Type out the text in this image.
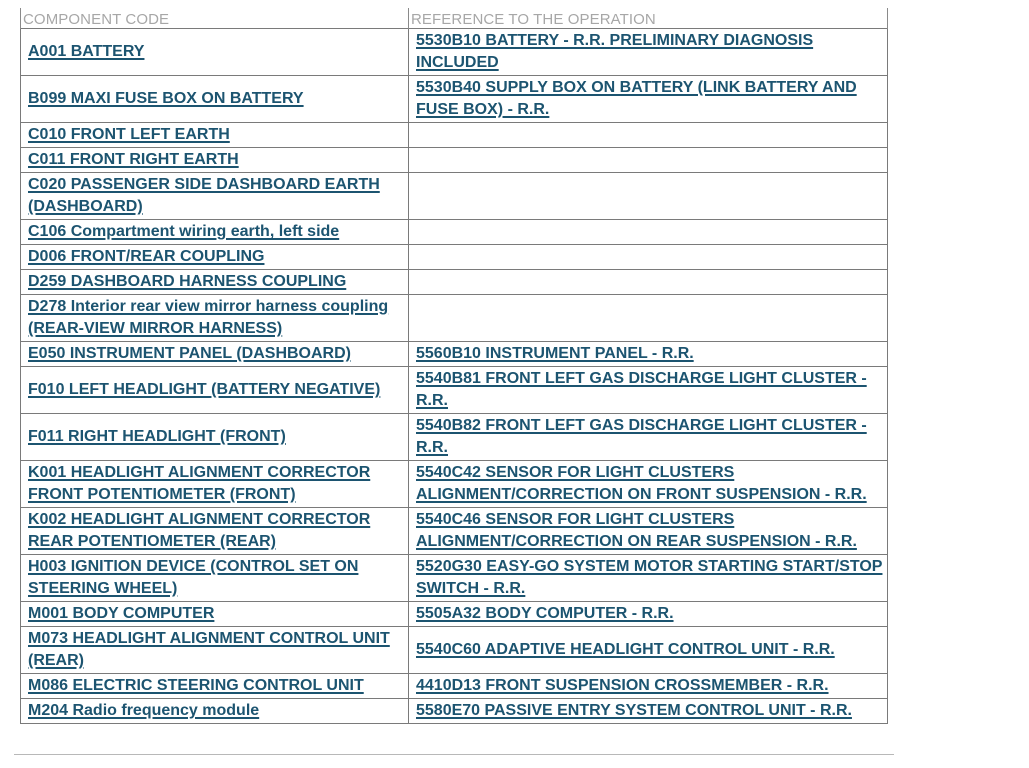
COMPONENT CODE	REFERENCE TO THE OPERATION
A001 BATTERY	5530B10 BATTERY - R.R. PRELIMINARY DIAGNOSIS INCLUDED
B099 MAXI FUSE BOX ON BATTERY	5530B40 SUPPLY BOX ON BATTERY (LINK BATTERY AND FUSE BOX) - R.R.
C010 FRONT LEFT EARTH	
C011 FRONT RIGHT EARTH	
C020 PASSENGER SIDE DASHBOARD EARTH (DASHBOARD)	
C106 Compartment wiring earth, left side	
D006 FRONT/REAR COUPLING	
D259 DASHBOARD HARNESS COUPLING	
D278 Interior rear view mirror harness coupling (REAR-VIEW MIRROR HARNESS)	
E050 INSTRUMENT PANEL (DASHBOARD)	5560B10 INSTRUMENT PANEL - R.R.
F010 LEFT HEADLIGHT (BATTERY NEGATIVE)	5540B81 FRONT LEFT GAS DISCHARGE LIGHT CLUSTER - R.R.
F011 RIGHT HEADLIGHT (FRONT)	5540B82 FRONT LEFT GAS DISCHARGE LIGHT CLUSTER - R.R.
K001 HEADLIGHT ALIGNMENT CORRECTOR FRONT POTENTIOMETER (FRONT)	5540C42 SENSOR FOR LIGHT CLUSTERS ALIGNMENT/CORRECTION ON FRONT SUSPENSION - R.R.
K002 HEADLIGHT ALIGNMENT CORRECTOR REAR POTENTIOMETER (REAR)	5540C46 SENSOR FOR LIGHT CLUSTERS ALIGNMENT/CORRECTION ON REAR SUSPENSION - R.R.
H003 IGNITION DEVICE (CONTROL SET ON STEERING WHEEL)	5520G30 EASY-GO SYSTEM MOTOR STARTING START/STOP SWITCH - R.R.
M001 BODY COMPUTER	5505A32 BODY COMPUTER - R.R.
M073 HEADLIGHT ALIGNMENT CONTROL UNIT (REAR)	5540C60 ADAPTIVE HEADLIGHT CONTROL UNIT - R.R.
M086 ELECTRIC STEERING CONTROL UNIT	4410D13 FRONT SUSPENSION CROSSMEMBER - R.R.
M204 Radio frequency module	5580E70 PASSIVE ENTRY SYSTEM CONTROL UNIT - R.R.
